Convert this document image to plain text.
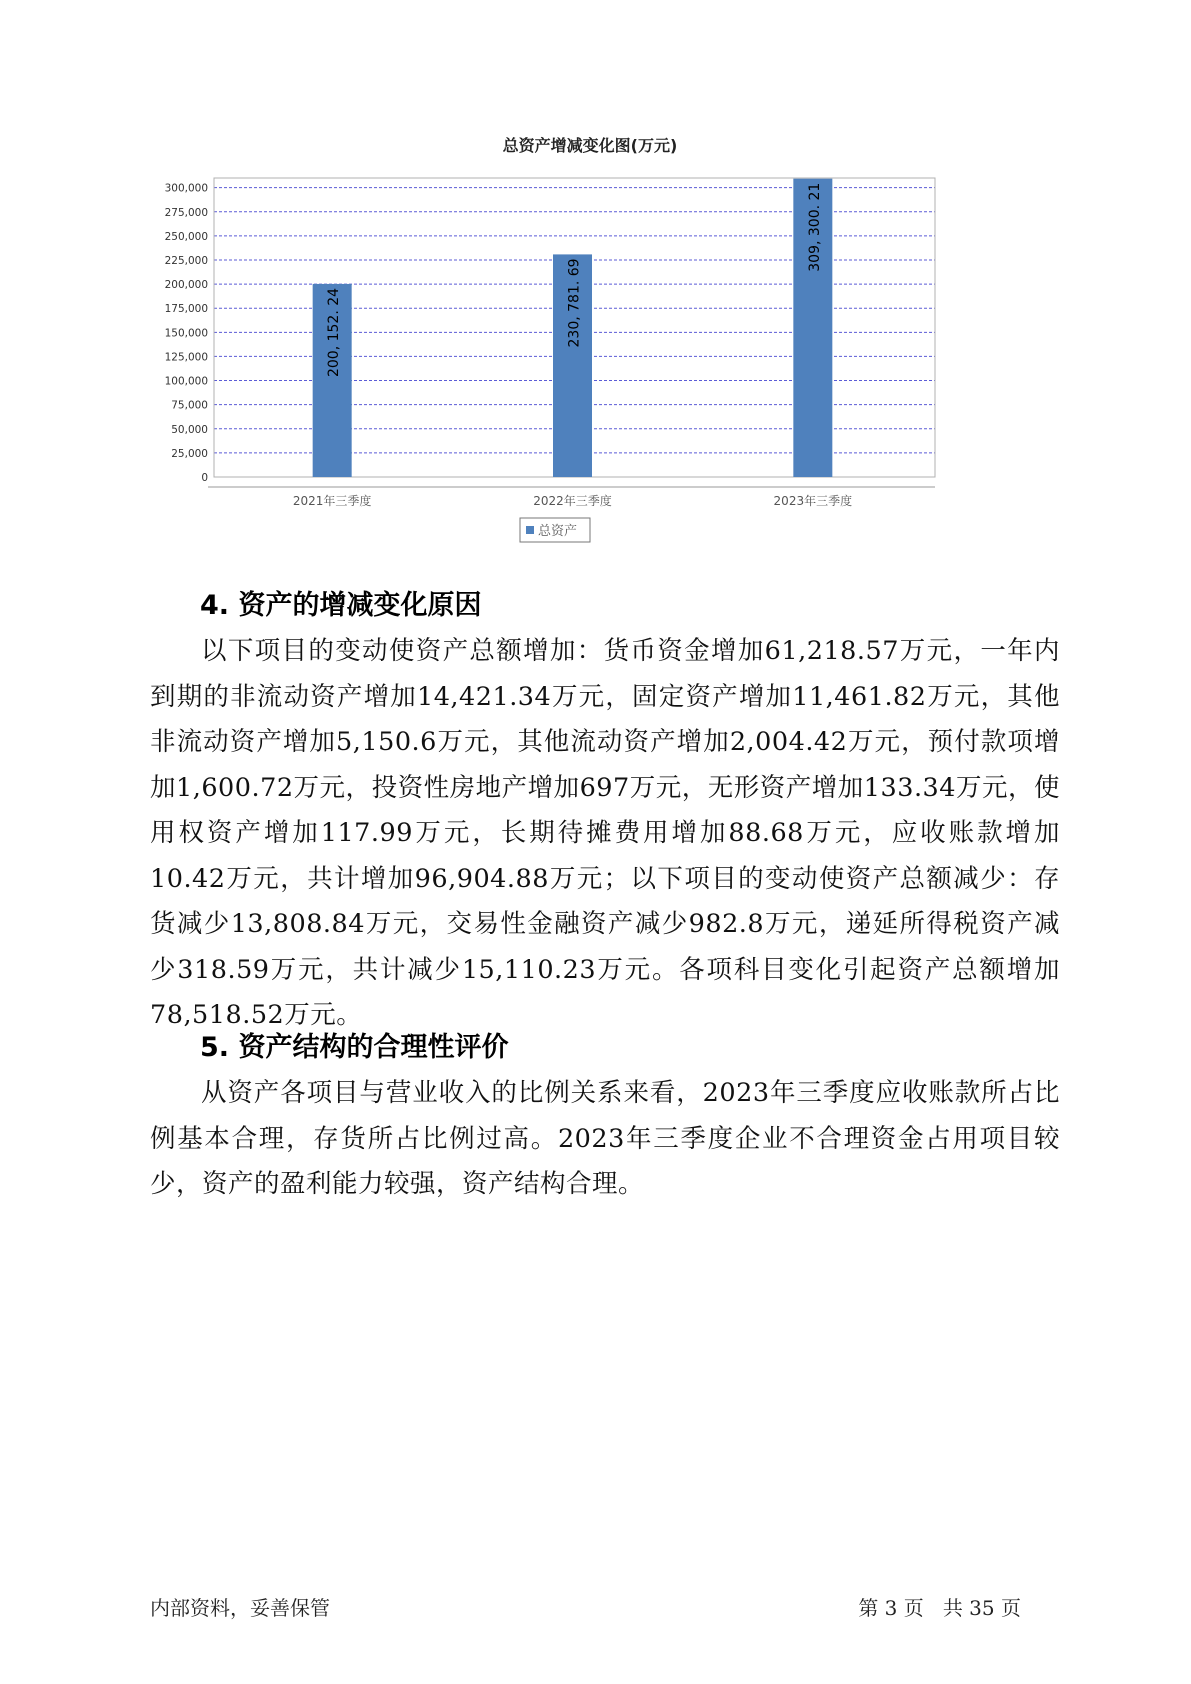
总资产增减变化图(万元)
0
25,000
50,000
75,000
100,000
125,000
150,000
175,000
200,000
225,000
250,000
275,000
300,000
2021年三季度	2022年三季度	2023年三季度
200, 152. 24	230, 781. 69
309, 300. 21
总资产
4. 资产的增减变化原因

以下项目的变动使资产总额增加：货币资金增加61,218.57万元，一年内到期的非流动资产增加14,421.34万元，固定资产增加11,461.82万元，其他非流动资产增加5,150.6万元，其他流动资产增加2,004.42万元，预付款项增加1,600.72万元，投资性房地产增加697万元，无形资产增加133.34万元，使用权资产增加117.99万元，长期待摊费用增加88.68万元，应收账款增加10.42万元，共计增加96,904.88万元；以下项目的变动使资产总额减少：存货减少13,808.84万元，交易性金融资产减少982.8万元，递延所得税资产减少318.59万元，共计减少15,110.23万元。各项科目变化引起资产总额增加78,518.52万元。

5. 资产结构的合理性评价

从资产各项目与营业收入的比例关系来看，2023年三季度应收账款所占比例基本合理，存货所占比例过高。2023年三季度企业不合理资金占用项目较少，资产的盈利能力较强，资产结构合理。

内部资料，妥善保管	第 3 页   共 35 页
